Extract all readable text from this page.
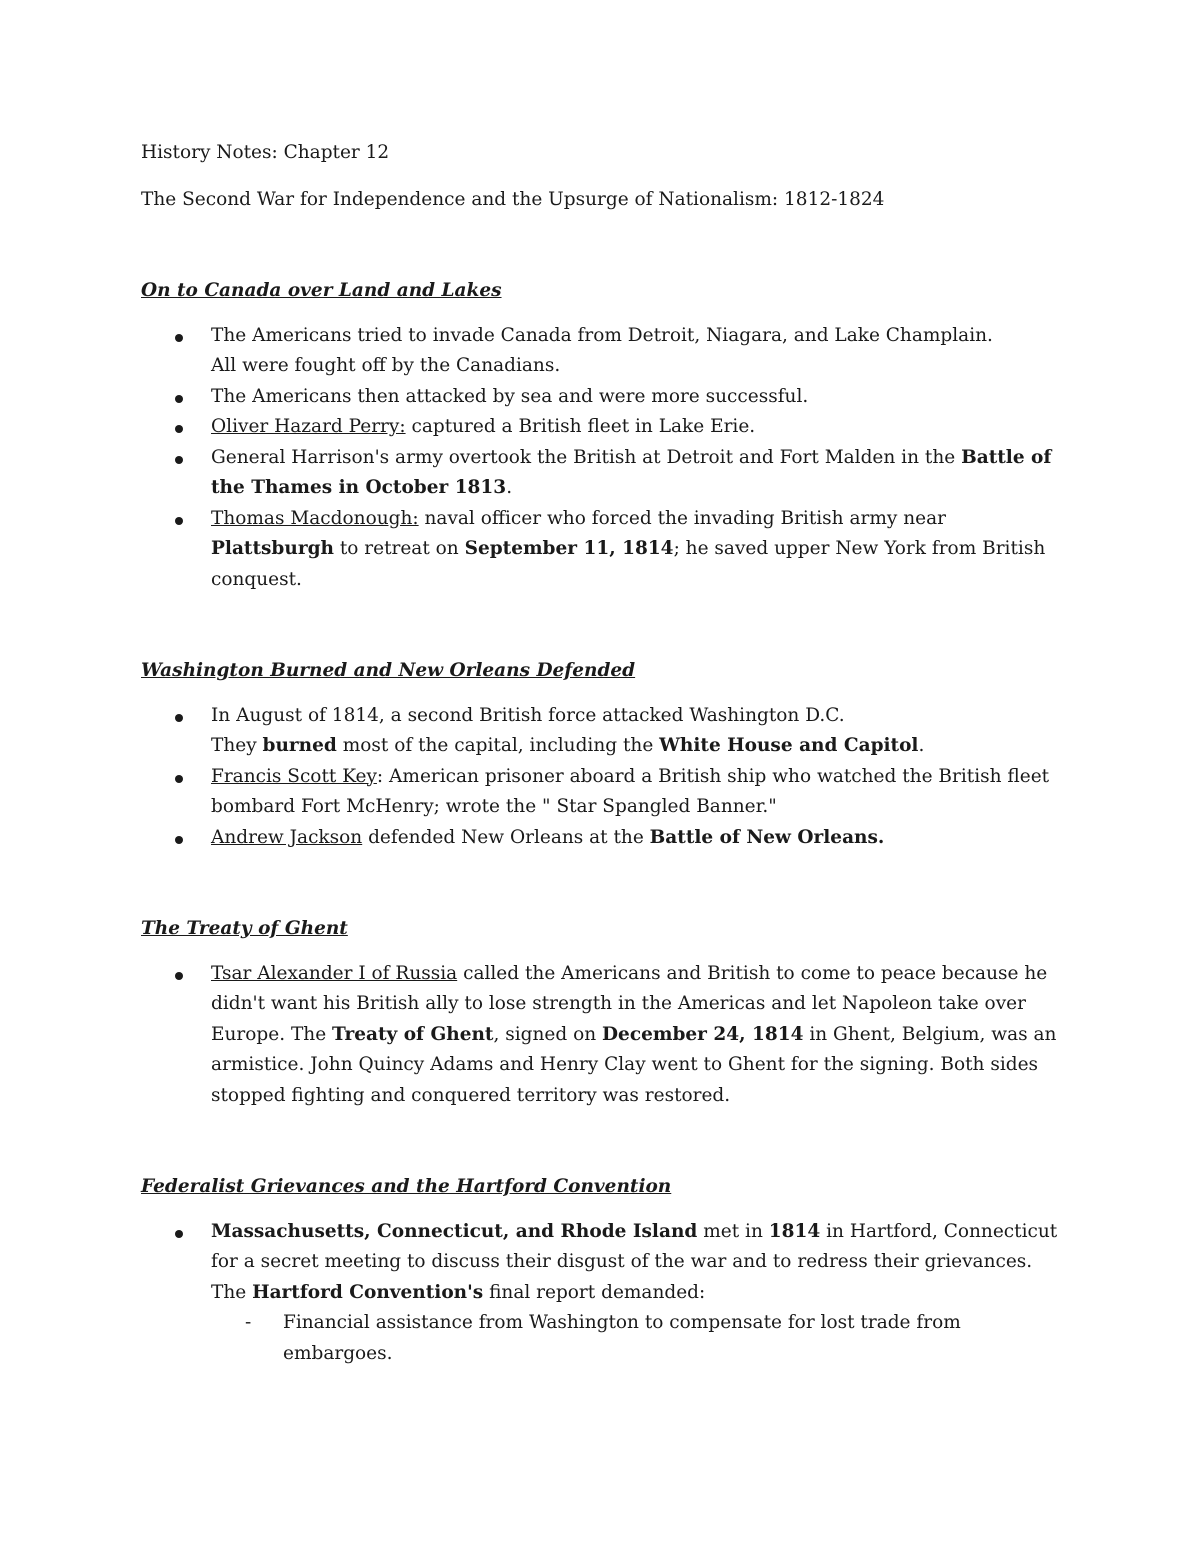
History Notes: Chapter 12

The Second War for Independence and the Upsurge of Nationalism: 1812-1824

On to Canada over Land and Lakes

The Americans tried to invade Canada from Detroit, Niagara, and Lake Champlain.
All were fought off by the Canadians.
The Americans then attacked by sea and were more successful.
Oliver Hazard Perry: captured a British fleet in Lake Erie.
General Harrison's army overtook the British at Detroit and Fort Malden in the Battle of the Thames in October 1813.
Thomas Macdonough: naval officer who forced the invading British army near Plattsburgh to retreat on September 11, 1814; he saved upper New York from British conquest.

Washington Burned and New Orleans Defended

In August of 1814, a second British force attacked Washington D.C.
They burned most of the capital, including the White House and Capitol.
Francis Scott Key: American prisoner aboard a British ship who watched the British fleet bombard Fort McHenry; wrote the " Star Spangled Banner."
Andrew Jackson defended New Orleans at the Battle of New Orleans.

The Treaty of Ghent

Tsar Alexander I of Russia called the Americans and British to come to peace because he didn't want his British ally to lose strength in the Americas and let Napoleon take over Europe. The Treaty of Ghent, signed on December 24, 1814 in Ghent, Belgium, was an armistice. John Quincy Adams and Henry Clay went to Ghent for the signing. Both sides stopped fighting and conquered territory was restored.

Federalist Grievances and the Hartford Convention

Massachusetts, Connecticut, and Rhode Island met in 1814 in Hartford, Connecticut for a secret meeting to discuss their disgust of the war and to redress their grievances. The Hartford Convention's final report demanded:
- Financial assistance from Washington to compensate for lost trade from embargoes.
